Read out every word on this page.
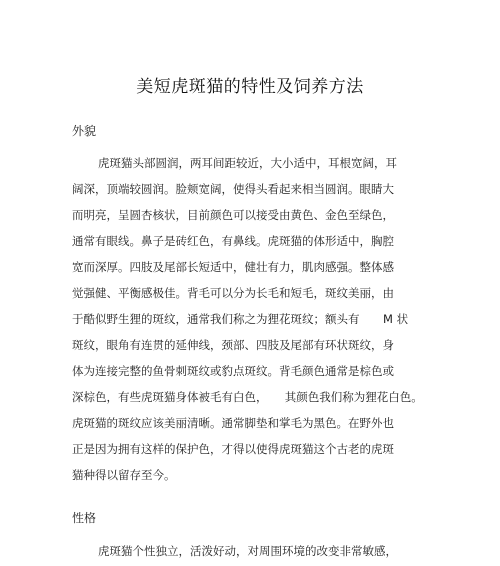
美短虎斑猫的特性及饲养方法
外貌
虎斑猫头部圆润，两耳间距较近，大小适中，耳根宽阔，耳
阔深，顶端较圆润。脸颊宽阔，使得头看起来相当圆润。眼睛大
而明亮，呈圆杏核状，目前颜色可以接受由黄色、金色至绿色，
通常有眼线。鼻子是砖红色，有鼻线。虎斑猫的体形适中，胸腔
宽而深厚。四肢及尾部长短适中，健壮有力，肌肉感强。整体感
觉强健、平衡感极佳。背毛可以分为长毛和短毛，斑纹美丽，由
于酷似野生狸的斑纹，通常我们称之为狸花斑纹；额头有 M 状
斑纹，眼角有连贯的延伸线，颈部、四肢及尾部有环状斑纹，身
体为连接完整的鱼骨刺斑纹或豹点斑纹。背毛颜色通常是棕色或
深棕色，有些虎斑猫身体被毛有白色，　　其颜色我们称为狸花白色。
虎斑猫的斑纹应该美丽清晰。通常脚垫和掌毛为黑色。在野外也
正是因为拥有这样的保护色，才得以使得虎斑猫这个古老的虎斑
猫种得以留存至今。
性格
虎斑猫个性独立，活泼好动，对周围环境的改变非常敏感，
